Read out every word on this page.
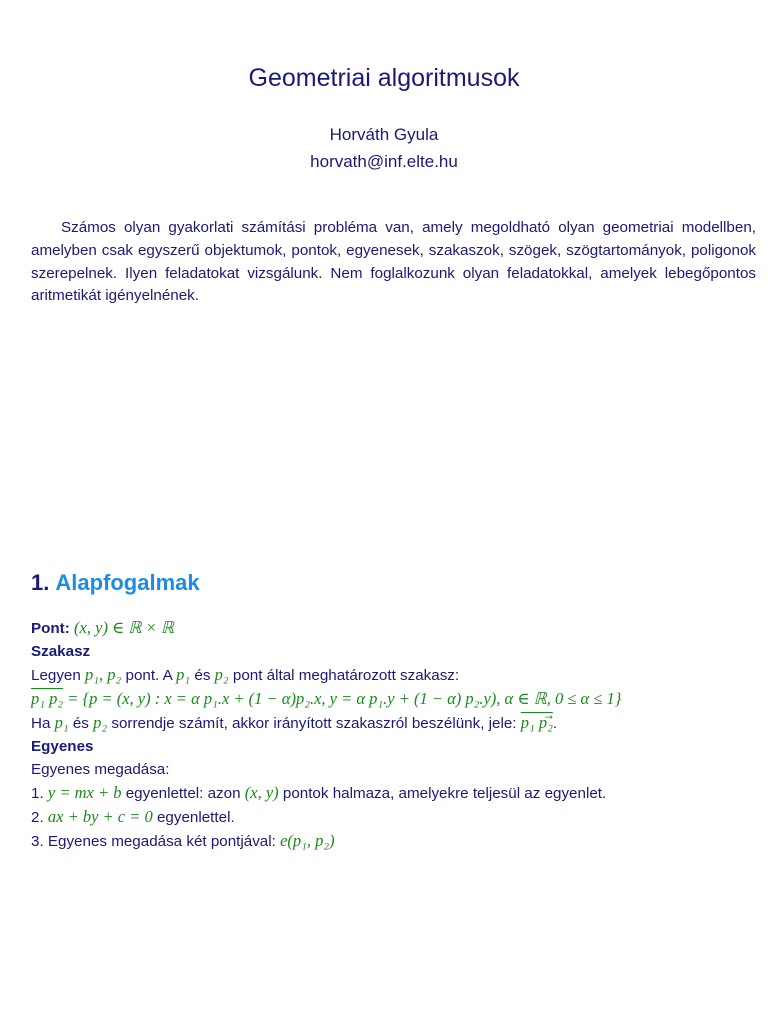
Geometriai algoritmusok
Horváth Gyula
horvath@inf.elte.hu
Számos olyan gyakorlati számítási probléma van, amely megoldható olyan geometriai modellben, amelyben csak egyszerű objektumok, pontok, egyenesek, szakaszok, szögek, szögtartományok, poligonok szerepelnek. Ilyen feladatokat vizsgálunk. Nem foglalkozunk olyan feladatokkal, amelyek lebegőpontos aritmetikát igényelnének.
1. Alapfogalmak
Pont: (x, y) ∈ ℝ × ℝ
Szakasz
Legyen p₁, p₂ pont. A p₁ és p₂ pont által meghatározott szakasz:
p₁ p₂ = {p = (x, y) : x = α p₁.x + (1 − α)p₂.x, y = α p₁.y + (1 − α) p₂.y), α ∈ ℝ, 0 ≤ α ≤ 1}
Ha p₁ és p₂ sorrendje számít, akkor irányított szakaszról beszélünk, jele: p₁ p₂.
Egyenes
Egyenes megadása:
1. y = mx + b egyenlettel: azon (x, y) pontok halmaza, amelyekre teljesül az egyenlet.
2. ax + by + c = 0 egyenlettel.
3. Egyenes megadása két pontjával: e(p₁, p₂)
